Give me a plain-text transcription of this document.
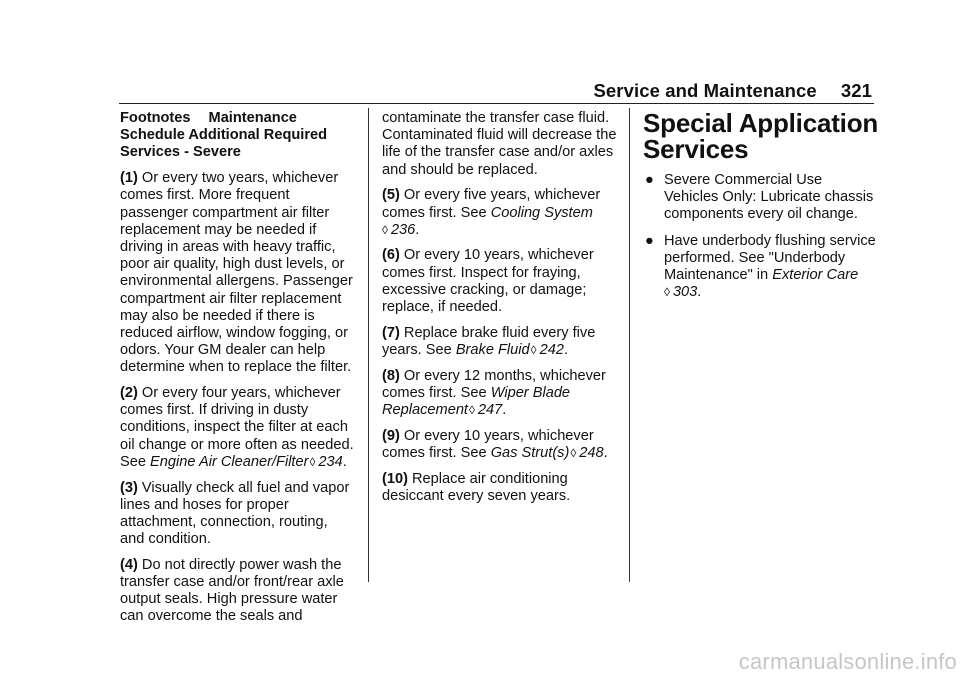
Service and Maintenance 321

Footnotes Maintenance Schedule Additional Required Services - Severe

(1) Or every two years, whichever comes first. More frequent passenger compartment air filter replacement may be needed if driving in areas with heavy traffic, poor air quality, high dust levels, or environmental allergens. Passenger compartment air filter replacement may also be needed if there is reduced airflow, window fogging, or odors. Your GM dealer can help determine when to replace the filter.

(2) Or every four years, whichever comes first. If driving in dusty conditions, inspect the filter at each oil change or more often as needed. See Engine Air Cleaner/Filter◊ 234.

(3) Visually check all fuel and vapor lines and hoses for proper attachment, connection, routing, and condition.

(4) Do not directly power wash the transfer case and/or front/rear axle output seals. High pressure water can overcome the seals and

contaminate the transfer case fluid. Contaminated fluid will decrease the life of the transfer case and/or axles and should be replaced.

(5) Or every five years, whichever comes first. See Cooling System
◊ 236.

(6) Or every 10 years, whichever comes first. Inspect for fraying, excessive cracking, or damage; replace, if needed.

(7) Replace brake fluid every five years. See Brake Fluid◊ 242.

(8) Or every 12 months, whichever comes first. See Wiper Blade Replacement◊ 247.

(9) Or every 10 years, whichever comes first. See Gas Strut(s)◊ 248.

(10) Replace air conditioning desiccant every seven years.

Special Application Services
● Severe Commercial Use Vehicles Only: Lubricate chassis components every oil change.
● Have underbody flushing service performed. See "Underbody Maintenance" in Exterior Care
◊ 303.
carmanualsonline.info
